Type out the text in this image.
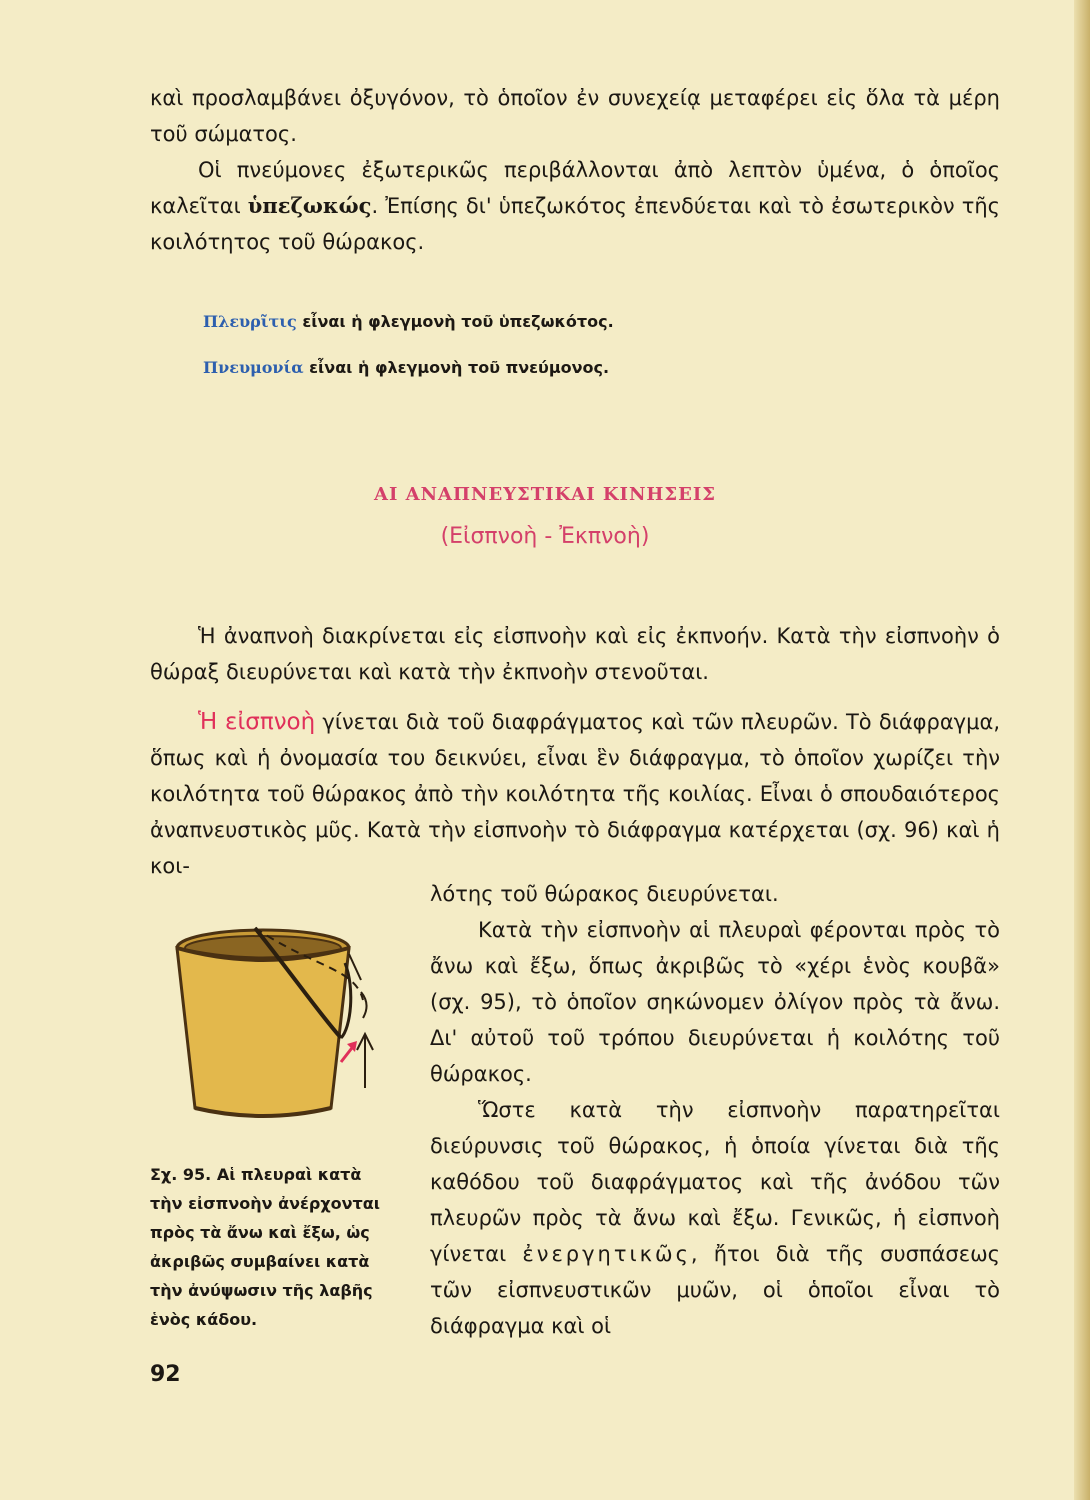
καὶ προσλαμβάνει ὀξυγόνον, τὸ ὁποῖον ἐν συνεχείᾳ μεταφέρει εἰς ὅλα τὰ μέρη τοῦ σώματος.

Οἱ πνεύμονες ἐξωτερικῶς περιβάλλονται ἀπὸ λεπτὸν ὑμένα, ὁ ὁποῖος καλεῖται ὑπεζωκώς. Ἐπίσης δι' ὑπεζωκότος ἐπενδύεται καὶ τὸ ἐσωτερικὸν τῆς κοιλότητος τοῦ θώρακος.

Πλευρῖτις εἶναι ἡ φλεγμονὴ τοῦ ὑπεζωκότος.
Πνευμονία εἶναι ἡ φλεγμονὴ τοῦ πνεύμονος.
ΑΙ ΑΝΑΠΝΕΥΣΤΙΚΑΙ ΚΙΝΗΣΕΙΣ
(Εἰσπνοὴ - Ἐκπνοὴ)

Ἡ ἀναπνοὴ διακρίνεται εἰς εἰσπνοὴν καὶ εἰς ἐκπνοήν. Κατὰ τὴν εἰσπνοὴν ὁ θώραξ διευρύνεται καὶ κατὰ τὴν ἐκπνοὴν στενοῦται.

Ἡ εἰσπνοὴ γίνεται διὰ τοῦ διαφράγματος καὶ τῶν πλευρῶν. Τὸ διάφραγμα, ὅπως καὶ ἡ ὀνομασία του δεικνύει, εἶναι ἓν διάφραγμα, τὸ ὁποῖον χωρίζει τὴν κοιλότητα τοῦ θώρακος ἀπὸ τὴν κοιλότητα τῆς κοιλίας. Εἶναι ὁ σπουδαιότερος ἀναπνευστικὸς μῦς. Κατὰ τὴν εἰσπνοὴν τὸ διάφραγμα κατέρχεται (σχ. 96) καὶ ἡ κοι-

λότης τοῦ θώρακος διευρύνεται.

Κατὰ τὴν εἰσπνοὴν αἱ πλευραὶ φέρονται πρὸς τὸ ἄνω καὶ ἔξω, ὅπως ἀκριβῶς τὸ «χέρι ἑνὸς κουβᾶ» (σχ. 95), τὸ ὁποῖον σηκώνομεν ὀλίγον πρὸς τὰ ἄνω. Δι' αὐτοῦ τοῦ τρόπου διευρύνεται ἡ κοιλότης τοῦ θώρακος.

Ὥστε κατὰ τὴν εἰσπνοὴν παρατηρεῖται διεύρυνσις τοῦ θώρακος, ἡ ὁποία γίνεται διὰ τῆς καθόδου τοῦ διαφράγματος καὶ τῆς ἀνόδου τῶν πλευρῶν πρὸς τὰ ἄνω καὶ ἔξω. Γενικῶς, ἡ εἰσπνοὴ γίνεται ἐνεργητικῶς, ἤτοι διὰ τῆς συσπάσεως τῶν εἰσπνευστικῶν μυῶν, οἱ ὁποῖοι εἶναι τὸ διάφραγμα καὶ οἱ

Σχ. 95. Αἱ πλευραὶ κατὰ τὴν εἰσπνοὴν ἀνέρχονται πρὸς τὰ ἄνω καὶ ἔξω, ὡς ἀκριβῶς συμβαίνει κατὰ τὴν ἀνύψωσιν τῆς λαβῆς ἑνὸς κάδου.

92
